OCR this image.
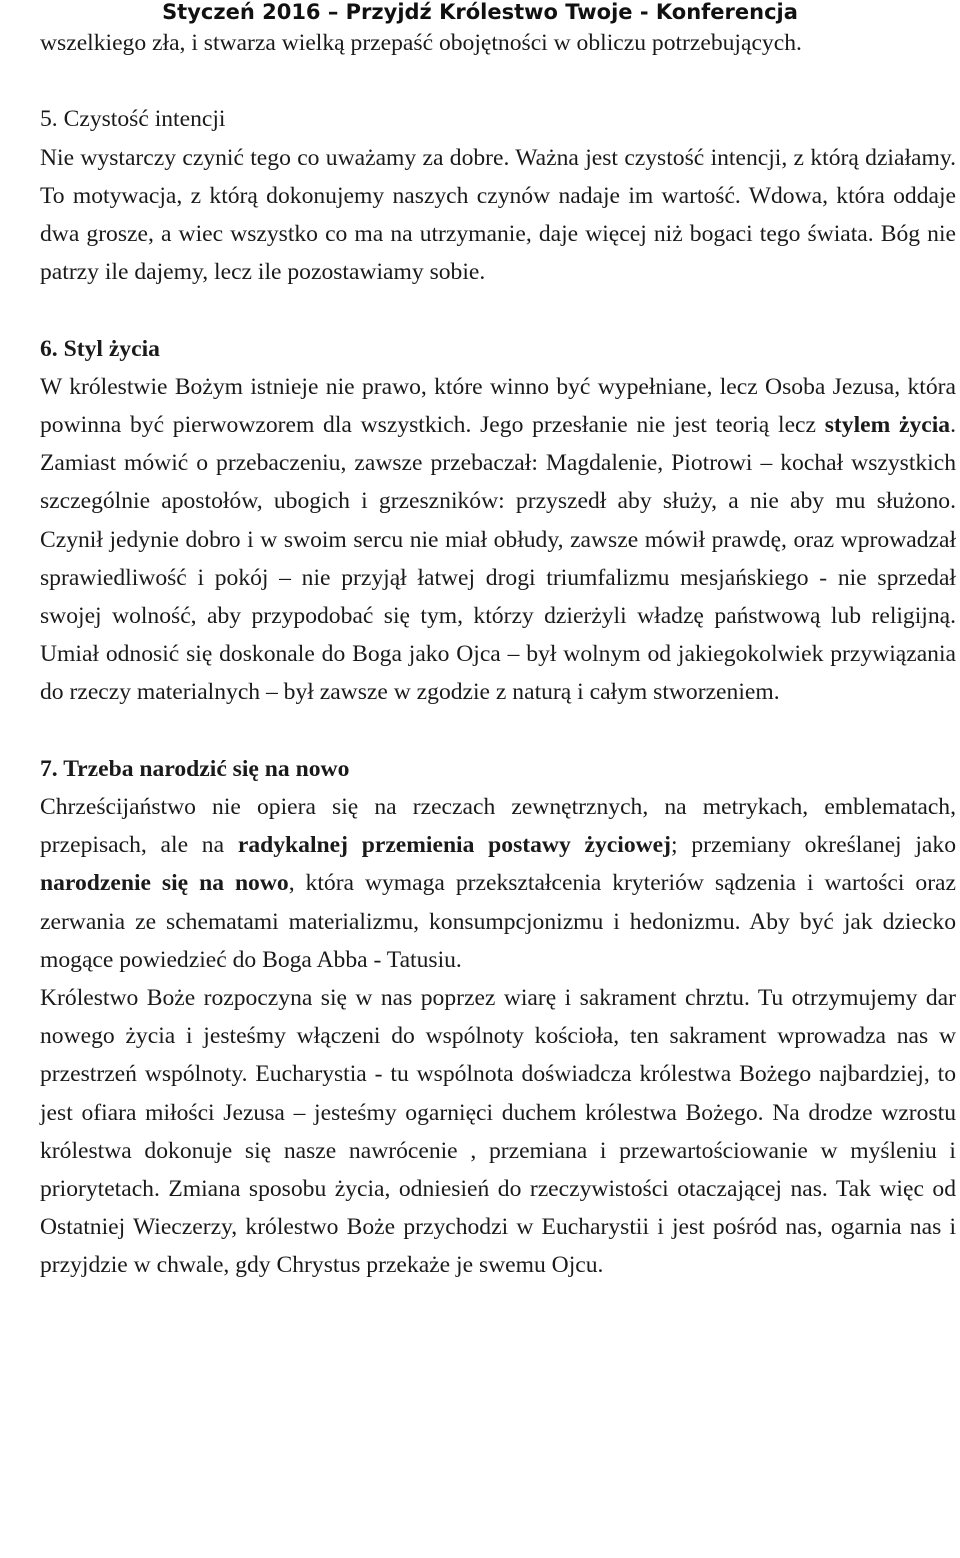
Styczeń 2016 – Przyjdź Królestwo Twoje - Konferencja

wszelkiego zła, i stwarza wielką przepaść obojętności w obliczu potrzebujących.

5. Czystość intencji

Nie wystarczy czynić tego co uważamy za dobre. Ważna jest czystość intencji, z którą działamy. To motywacja, z którą dokonujemy naszych czynów nadaje im wartość. Wdowa, która oddaje dwa grosze, a wiec wszystko co ma na utrzymanie, daje więcej niż bogaci tego świata. Bóg nie patrzy ile dajemy, lecz ile pozostawiamy sobie.

6. Styl życia

W królestwie Bożym istnieje nie prawo, które winno być wypełniane, lecz Osoba Jezusa, która powinna być pierwowzorem dla wszystkich. Jego przesłanie nie jest teorią lecz stylem życia. Zamiast mówić o przebaczeniu, zawsze przebaczał: Magdalenie, Piotrowi – kochał wszystkich szczególnie apostołów, ubogich i grzeszników: przyszedł aby służy, a nie aby mu służono. Czynił jedynie dobro i w swoim sercu nie miał obłudy, zawsze mówił prawdę, oraz wprowadzał sprawiedliwość i pokój – nie przyjął łatwej drogi triumfalizmu mesjańskiego - nie sprzedał swojej wolność, aby przypodobać się tym, którzy dzierżyli władzę państwową lub religijną. Umiał odnosić się doskonale do Boga jako Ojca – był wolnym od jakiegokolwiek przywiązania do rzeczy materialnych – był zawsze w zgodzie z naturą i całym stworzeniem.

7. Trzeba narodzić się na nowo

Chrześcijaństwo nie opiera się na rzeczach zewnętrznych, na metrykach, emblematach, przepisach, ale na radykalnej przemienia postawy życiowej; przemiany określanej jako narodzenie się na nowo, która wymaga przekształcenia kryteriów sądzenia i wartości oraz zerwania ze schematami materializmu, konsumpcjonizmu i hedonizmu. Aby być jak dziecko mogące powiedzieć do Boga Abba - Tatusiu.

Królestwo Boże rozpoczyna się w nas poprzez wiarę i sakrament chrztu. Tu otrzymujemy dar nowego życia i jesteśmy włączeni do wspólnoty kościoła, ten sakrament wprowadza nas w przestrzeń wspólnoty. Eucharystia - tu wspólnota doświadcza królestwa Bożego najbardziej, to jest ofiara miłości Jezusa – jesteśmy ogarnięci duchem królestwa Bożego. Na drodze wzrostu królestwa dokonuje się nasze nawrócenie , przemiana i przewartościowanie w myśleniu i priorytetach. Zmiana sposobu życia, odniesień do rzeczywistości otaczającej nas. Tak więc od Ostatniej Wieczerzy, królestwo Boże przychodzi w Eucharystii i jest pośród nas, ogarnia nas i przyjdzie w chwale, gdy Chrystus przekaże je swemu Ojcu.
